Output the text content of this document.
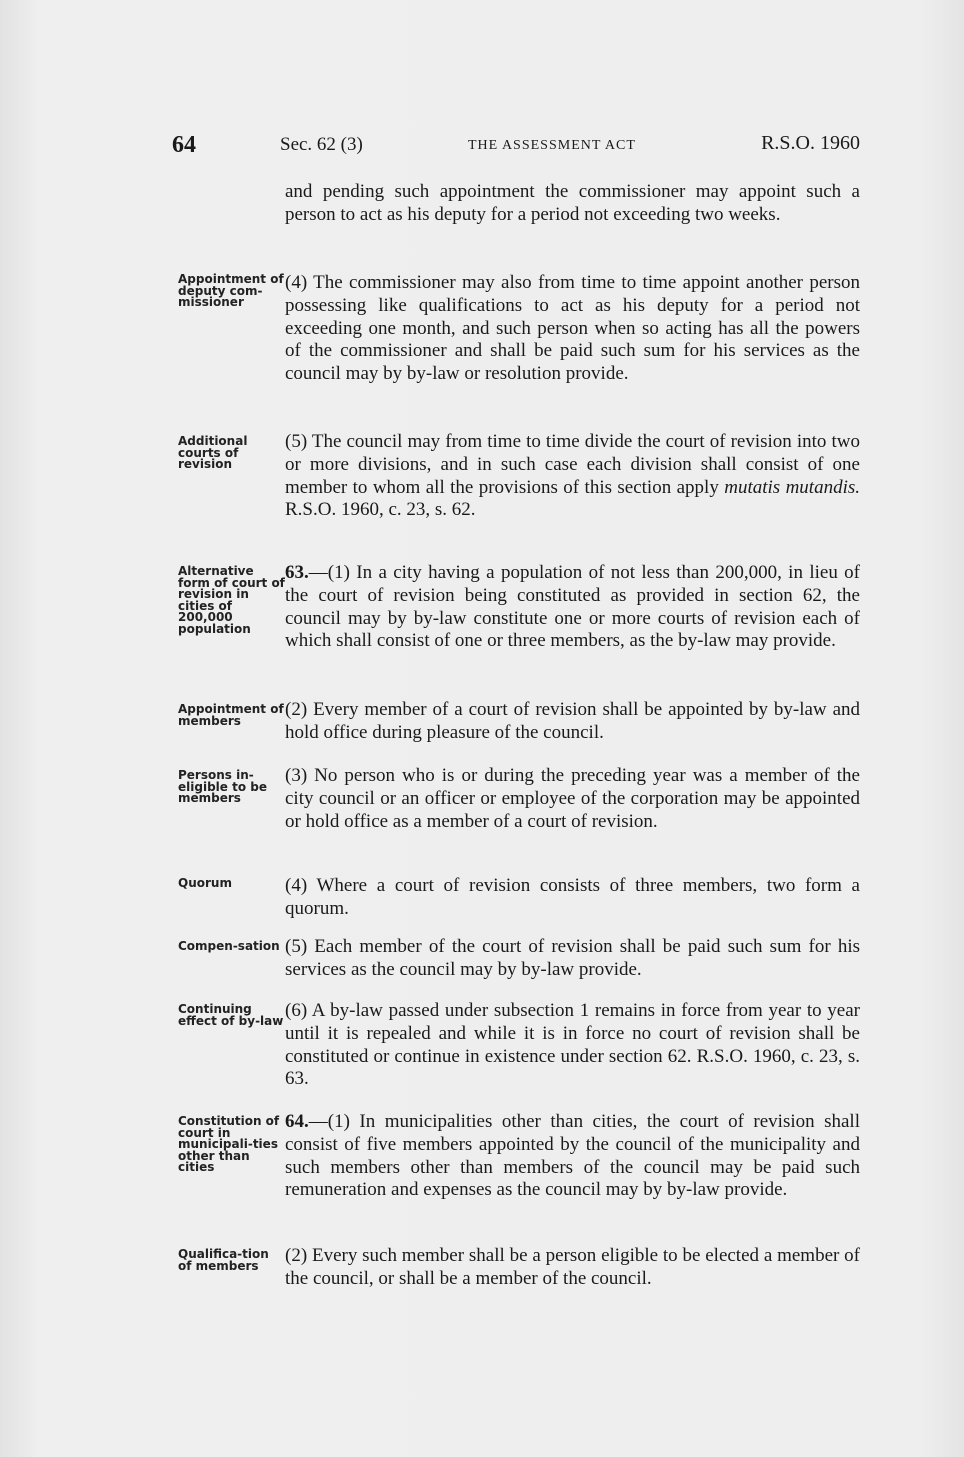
64	Sec. 62 (3)	THE ASSESSMENT ACT	R.S.O. 1960
and pending such appointment the commissioner may appoint such a person to act as his deputy for a period not exceeding two weeks.
(4) The commissioner may also from time to time appoint another person possessing like qualifications to act as his deputy for a period not exceeding one month, and such person when so acting has all the powers of the commissioner and shall be paid such sum for his services as the council may by by-law or resolution provide.
(5) The council may from time to time divide the court of revision into two or more divisions, and in such case each division shall consist of one member to whom all the provisions of this section apply mutatis mutandis. R.S.O. 1960, c. 23, s. 62.
63.—(1) In a city having a population of not less than 200,000, in lieu of the court of revision being constituted as provided in section 62, the council may by by-law constitute one or more courts of revision each of which shall consist of one or three members, as the by-law may provide.
(2) Every member of a court of revision shall be appointed by by-law and hold office during pleasure of the council.
(3) No person who is or during the preceding year was a member of the city council or an officer or employee of the corporation may be appointed or hold office as a member of a court of revision.
(4) Where a court of revision consists of three members, two form a quorum.
(5) Each member of the court of revision shall be paid such sum for his services as the council may by by-law provide.
(6) A by-law passed under subsection 1 remains in force from year to year until it is repealed and while it is in force no court of revision shall be constituted or continue in existence under section 62. R.S.O. 1960, c. 23, s. 63.
64.—(1) In municipalities other than cities, the court of revision shall consist of five members appointed by the council of the municipality and such members other than members of the council may be paid such remuneration and expenses as the council may by by-law provide.
(2) Every such member shall be a person eligible to be elected a member of the council, or shall be a member of the council.
Appointment of deputy com-missioner
Additional courts of revision
Alternative form of court of revision in cities of 200,000 population
Appointment of members
Persons in-eligible to be members
Quorum
Compen-sation
Continuing effect of by-law
Constitution of court in municipali-ties other than cities
Qualifica-tion of members
